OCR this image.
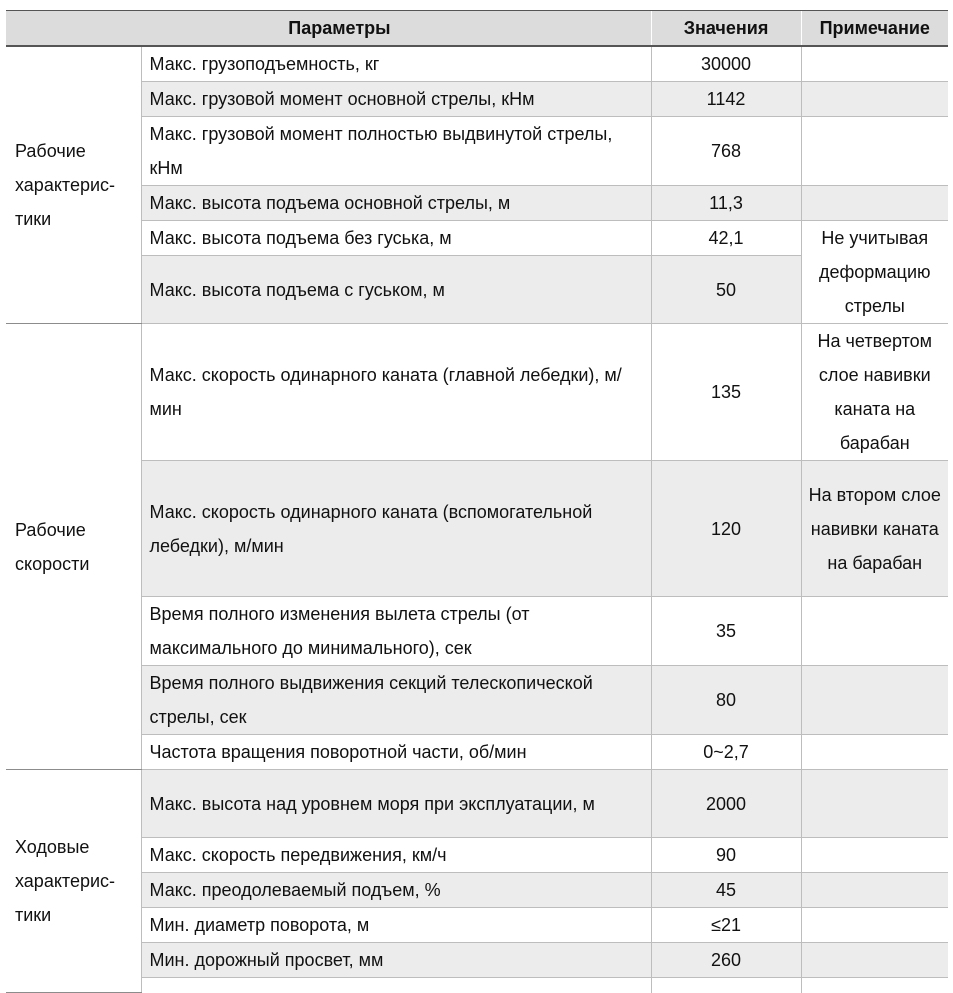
Параметры		Значения	Примечание
Рабочие характерис-тики	Макс. грузоподъемность, кг	30000	
	Макс. грузовой момент основной стрелы, кНм	1142	
	Макс. грузовой момент полностью выдвинутой стрелы, кНм	768	
	Макс. высота подъема основной стрелы, м	11,3	
	Макс. высота подъема без гуська, м	42,1	Не учитывая деформацию стрелы
	Макс. высота подъема с гуськом, м	50	
Рабочие скорости	Макс. скорость одинарного каната (главной лебедки), м/мин	135	На четвертом слое навивки каната на барабан
	Макс. скорость одинарного каната (вспомогательной лебедки), м/мин	120	На втором слое навивки каната на барабан
	Время полного изменения вылета стрелы (от максимального до минимального), сек	35	
	Время полного выдвижения секций телескопической стрелы, сек	80	
	Частота вращения поворотной части, об/мин	0~2,7	
Ходовые характерис-тики	Макс. высота над уровнем моря при эксплуатации, м	2000	
	Макс. скорость передвижения, км/ч	90	
	Макс. преодолеваемый подъем, %	45	
	Мин. диаметр поворота, м	≤21	
	Мин. дорожный просвет, мм	260	
